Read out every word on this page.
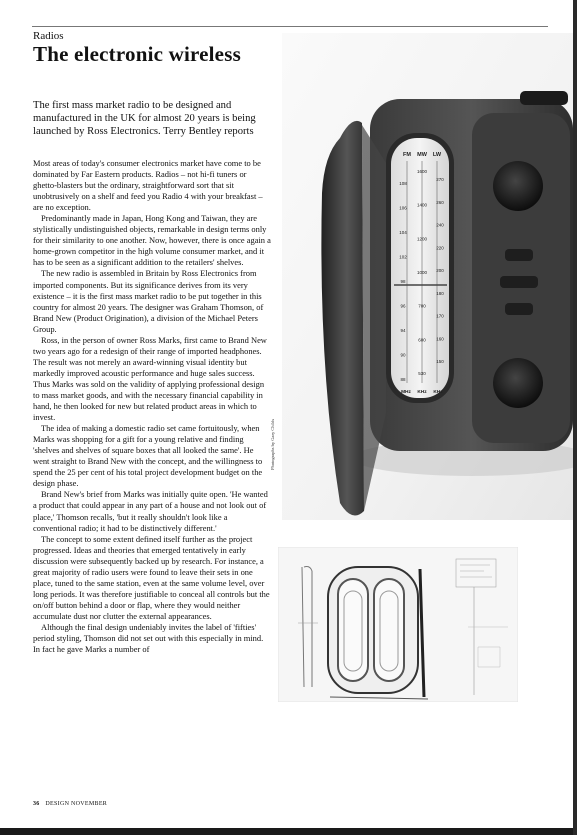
Radios
The electronic wireless

The first mass market radio to be designed and manufactured in the UK for almost 20 years is being launched by Ross Electronics. Terry Bentley reports

Most areas of today's consumer electronics market have come to be dominated by Far Eastern products. Radios – not hi-fi tuners or ghetto-blasters but the ordinary, straightforward sort that sit unobtrusively on a shelf and feed you Radio 4 with your breakfast – are no exception.

Predominantly made in Japan, Hong Kong and Taiwan, they are stylistically undistinguished objects, remarkable in design terms only for their similarity to one another. Now, however, there is once again a home-grown competitor in the high volume consumer market, and it has to be seen as a significant addition to the retailers' shelves.

The new radio is assembled in Britain by Ross Electronics from imported components. But its significance derives from its very existence – it is the first mass market radio to be put together in this country for almost 20 years. The designer was Graham Thomson, of Brand New (Product Origination), a division of the Michael Peters Group.

Ross, in the person of owner Ross Marks, first came to Brand New two years ago for a redesign of their range of imported headphones. The result was not merely an award-winning visual identity but markedly improved acoustic performance and huge sales success. Thus Marks was sold on the validity of applying professional design to mass market goods, and with the necessary financial capability in hand, he then looked for new but related product areas in which to invest.

The idea of making a domestic radio set came fortuitously, when Marks was shopping for a gift for a young relative and finding 'shelves and shelves of square boxes that all looked the same'. He went straight to Brand New with the concept, and the willingness to spend the 25 per cent of his total project development budget on the design phase.

Brand New's brief from Marks was initially quite open. 'He wanted a product that could appear in any part of a house and not look out of place,' Thomson recalls, 'but it really shouldn't look like a conventional radio; it had to be distinctively different.'

The concept to some extent defined itself further as the project progressed. Ideas and theories that emerged tentatively in early discussion were subsequently backed up by research. For instance, a great majority of radio users were found to leave their sets in one place, tuned to the same station, even at the same volume level, over long periods. It was therefore justifiable to conceal all controls but the on/off button behind a door or flap, where they would neither accumulate dust nor clutter the external appearances.

Although the final design undeniably invites the label of 'fifties' period styling, Thomson did not set out with this especially in mind. In fact he gave Marks a number of

FM MW LW
108
106
104
102
98
96
94
90
88
1600
1400
1200
1000
700
600
530
270
260
240
220
200
180
170
160
150
MHz KHz KHz
Photographs by Gary Childs
36 DESIGN NOVEMBER
